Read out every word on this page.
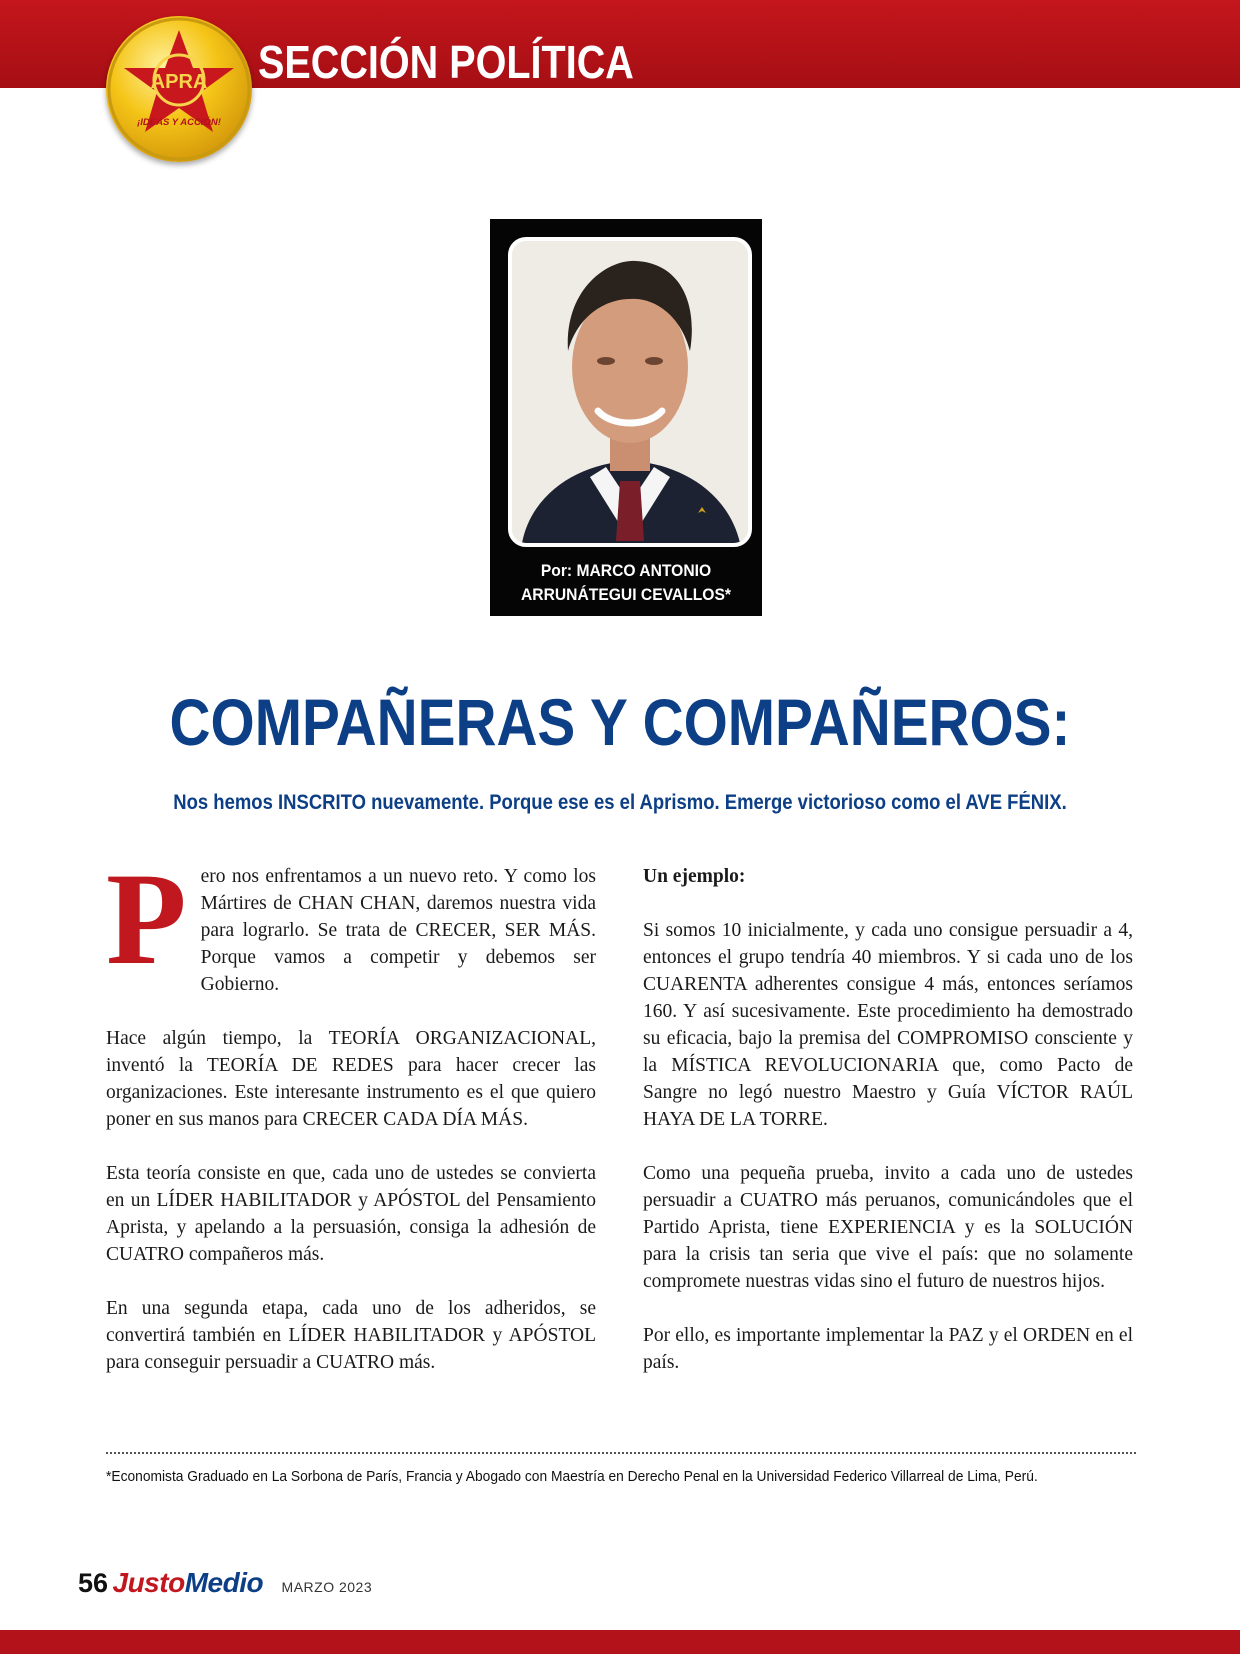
SECCIÓN POLÍTICA
APRA
¡IDEAS Y ACCIÓN!
Por: MARCO ANTONIO
ARRUNÁTEGUI CEVALLOS*
COMPAÑERAS Y COMPAÑEROS:

Nos hemos INSCRITO nuevamente. Porque ese es el Aprismo. Emerge victorioso como el AVE FÉNIX.

Pero nos enfrentamos a un nuevo reto. Y como los Mártires de CHAN CHAN, daremos nuestra vida para lograrlo. Se trata de CRECER, SER MÁS. Porque vamos a competir y debemos ser Gobierno.

Hace algún tiempo, la TEORÍA ORGANIZACIONAL, inventó la TEORÍA DE REDES para hacer crecer las organizaciones. Este interesante instrumento es el que quiero poner en sus manos para CRECER CADA DÍA MÁS.

Esta teoría consiste en que, cada uno de ustedes se convierta en un LÍDER HABILITADOR y APÓSTOL del Pensamiento Aprista, y apelando a la persuasión, consiga la adhesión de CUATRO compañeros más.

En una segunda etapa, cada uno de los adheridos, se convertirá también en LÍDER HABILITADOR y APÓSTOL para conseguir persuadir a CUATRO más.

Un ejemplo:

Si somos 10 inicialmente, y cada uno consigue persuadir a 4, entonces el grupo tendría 40 miembros. Y si cada uno de los CUARENTA adherentes consigue 4 más, entonces seríamos 160. Y así sucesivamente. Este procedimiento ha demostrado su eficacia, bajo la premisa del COMPROMISO consciente y la MÍSTICA REVOLUCIONARIA que, como Pacto de Sangre no legó nuestro Maestro y Guía VÍCTOR RAÚL HAYA DE LA TORRE.

Como una pequeña prueba, invito a cada uno de ustedes persuadir a CUATRO más peruanos, comunicándoles que el Partido Aprista, tiene EXPERIENCIA y es la SOLUCIÓN para la crisis tan seria que vive el país: que no solamente compromete nuestras vidas sino el futuro de nuestros hijos.

Por ello, es importante implementar la PAZ y el ORDEN en el país.

*Economista Graduado en La Sorbona de París, Francia y Abogado con Maestría en Derecho Penal en la Universidad Federico Villarreal de Lima, Perú.
56 JustoMedio MARZO 2023
